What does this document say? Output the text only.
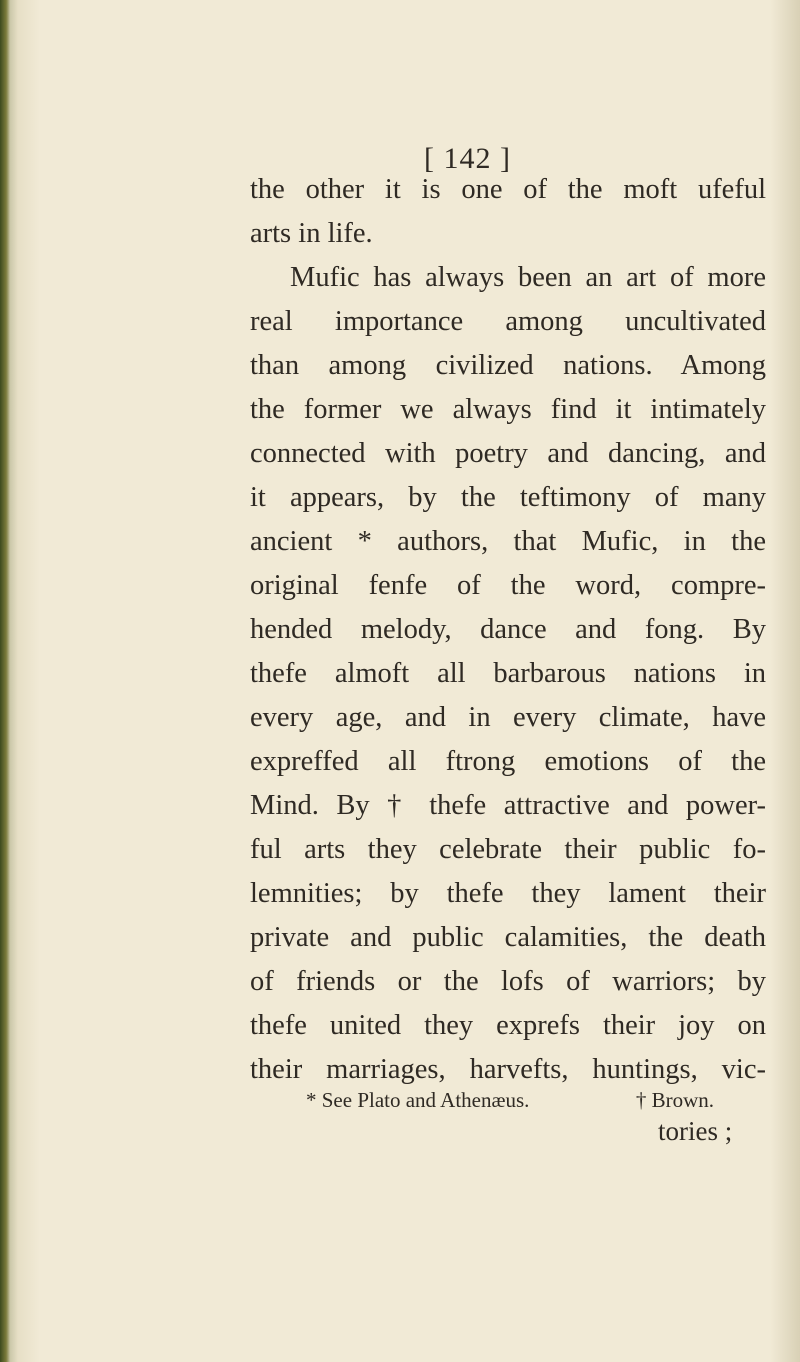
[ 142 ]
the other it is one of the moft ufeful
arts in life.
Mufic has always been an art of more
real importance among uncultivated
than among civilized nations. Among
the former we always find it intimately
connected with poetry and dancing, and
it appears, by the teftimony of many
ancient * authors, that Mufic, in the
original fenfe of the word, compre-
hended melody, dance and fong. By
thefe almoft all barbarous nations in
every age, and in every climate, have
expreffed all ftrong emotions of the
Mind. By † thefe attractive and power-
ful arts they celebrate their public fo-
lemnities; by thefe they lament their
private and public calamities, the death
of friends or the lofs of warriors; by
thefe united they exprefs their joy on
their marriages, harvefts, huntings, vic-
* See Plato and Athenæus.	† Brown.
tories ;
